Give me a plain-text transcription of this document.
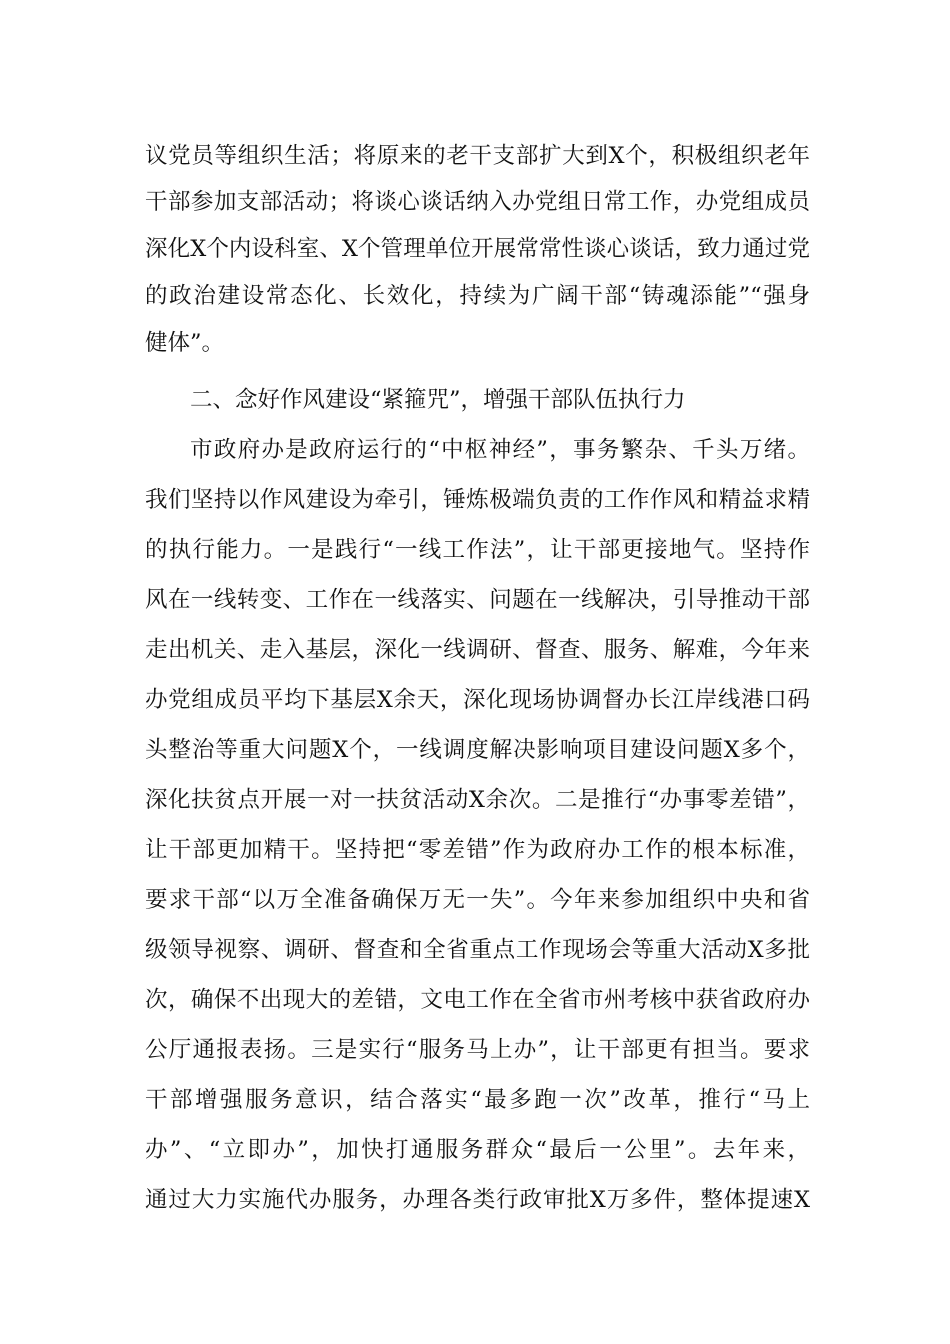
议党员等组织生活；将原来的老干支部扩大到X个，积极组织老年
干部参加支部活动；将谈心谈话纳入办党组日常工作，办党组成员
深化X个内设科室、X个管理单位开展常常性谈心谈话，致力通过党
的政治建设常态化、长效化，持续为广阔干部“铸魂添能”“强身
健体”。
二、念好作风建设“紧箍咒”，增强干部队伍执行力
市政府办是政府运行的“中枢神经”，事务繁杂、千头万绪。
我们坚持以作风建设为牵引，锤炼极端负责的工作作风和精益求精
的执行能力。一是践行“一线工作法”，让干部更接地气。坚持作
风在一线转变、工作在一线落实、问题在一线解决，引导推动干部
走出机关、走入基层，深化一线调研、督查、服务、解难，今年来
办党组成员平均下基层X余天，深化现场协调督办长江岸线港口码
头整治等重大问题X个，一线调度解决影响项目建设问题X多个，
深化扶贫点开展一对一扶贫活动X余次。二是推行“办事零差错”，
让干部更加精干。坚持把“零差错”作为政府办工作的根本标准，
要求干部“以万全准备确保万无一失”。今年来参加组织中央和省
级领导视察、调研、督查和全省重点工作现场会等重大活动X多批
次，确保不出现大的差错，文电工作在全省市州考核中获省政府办
公厅通报表扬。三是实行“服务马上办”，让干部更有担当。要求
干部增强服务意识，结合落实“最多跑一次”改革，推行“马上
办”、“立即办”，加快打通服务群众“最后一公里”。去年来，
通过大力实施代办服务，办理各类行政审批X万多件，整体提速X
